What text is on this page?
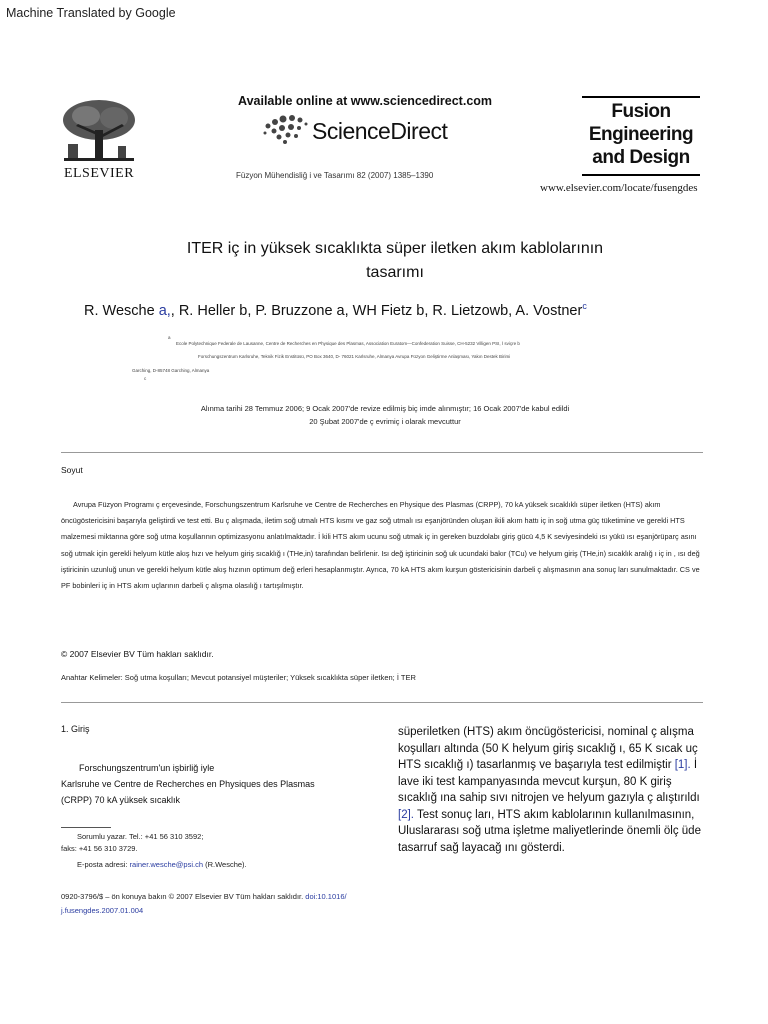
Machine Translated by Google
ELSEVIER
Available online at www.sciencedirect.com
ScienceDirect
Füzyon Mühendisliğ i ve Tasarımı 82 (2007) 1385–1390
Fusion
Engineering
and Design
www.elsevier.com/locate/fusengdes
ITER iç in yüksek sıcaklıkta süper iletken akım kablolarının
tasarımı
R. Wesche a,, R. Heller b, P. Bruzzone a, WH Fietz b, R. Lietzowb, A. Vostner$^c$
a
Ecole Polytechnique Federale de Lausanne, Centre de Recherches en Physique des Plasmas, Association Euratom—Confederation Suisse, CH-5232 Villigen PSI, İ sviçre b
Forschungszentrum Karlsruhe, Teknik Fizik Enstitüsü, PO Box 3640, D- 76021 Karlsruhe, Almanya Avrupa Füzyon Geliştirme Anlaşması, Yakın Destek Birimi
Garching, D-85748 Garching, Almanya
c
Alınma tarihi 28 Temmuz 2006; 9 Ocak 2007'de revize edilmiş biç imde alınmıştır; 16 Ocak 2007'de kabul edildi
20 Şubat 2007'de ç evrimiç i olarak mevcuttur
Soyut

Avrupa Füzyon Programı ç erçevesinde, Forschungszentrum Karlsruhe ve Centre de Recherches en Physique des Plasmas (CRPP), 70 kA yüksek sıcaklıklı süper iletken (HTS) akım öncügöstericisini başarıyla geliştirdi ve test etti. Bu ç alışmada, iletim soğ utmalı HTS kısmı ve gaz soğ utmalı ısı eşanjöründen oluşan ikili akım hattı iç in soğ utma güç tüketimine ve gerekli HTS malzemesi miktarına göre soğ utma koşullarının optimizasyonu anlatılmaktadır. İ kili HTS akım ucunu soğ utmak iç in gereken buzdolabı giriş gücü 4,5 K seviyesindeki ısı yükü ısı eşanjörüparç asını soğ utmak için gerekli helyum kütle akış hızı ve helyum giriş sıcaklığ ı (THe,in) tarafından belirlenir. Isı değ iştiricinin soğ uk ucundaki bakır (TCu) ve helyum giriş (THe,in) sıcaklık aralığ ı iç in , ısı değ iştiricinin uzunluğ unun ve gerekli helyum kütle akış hızının optimum değ erleri hesaplanmıştır. Ayrıca, 70 kA HTS akım kurşun göstericisinin darbeli ç alışmasının ana sonuç ları sunulmaktadır. CS ve PF bobinleri iç in HTS akım uçlarının darbeli ç alışma olasılığ ı tartışılmıştır.

© 2007 Elsevier BV Tüm hakları saklıdır.
Anahtar Kelimeler: Soğ utma koşulları; Mevcut potansiyel müşteriler; Yüksek sıcaklıkta süper iletken; İ TER
1. Giriş
Forschungszentrum'un işbirliğ iyle
Karlsruhe ve Centre de Recherches en Physiques des Plasmas
(CRPP) 70 kA yüksek sıcaklık
Sorumlu yazar. Tel.: +41 56 310 3592;
faks: +41 56 310 3729.
E-posta adresi: rainer.wesche@psi.ch (R.Wesche).
0920-3796/$ – ön konuya bakın © 2007 Elsevier BV Tüm hakları saklıdır. doi:10.1016/
j.fusengdes.2007.01.004
süperiletken (HTS) akım öncügöstericisi, nominal ç alışma koşulları altında (50 K helyum giriş sıcaklığ ı, 65 K sıcak uç HTS sıcaklığ ı) tasarlanmış ve başarıyla test edilmiştir [1]. İ lave iki test kampanyasında mevcut kurşun, 80 K giriş sıcaklığ ına sahip sıvı nitrojen ve helyum gazıyla ç alıştırıldı [2]. Test sonuç ları, HTS akım kablolarının kullanılmasının, Uluslararası soğ utma işletme maliyetlerinde önemli ölç üde tasarruf sağ layacağ ını gösterdi.
